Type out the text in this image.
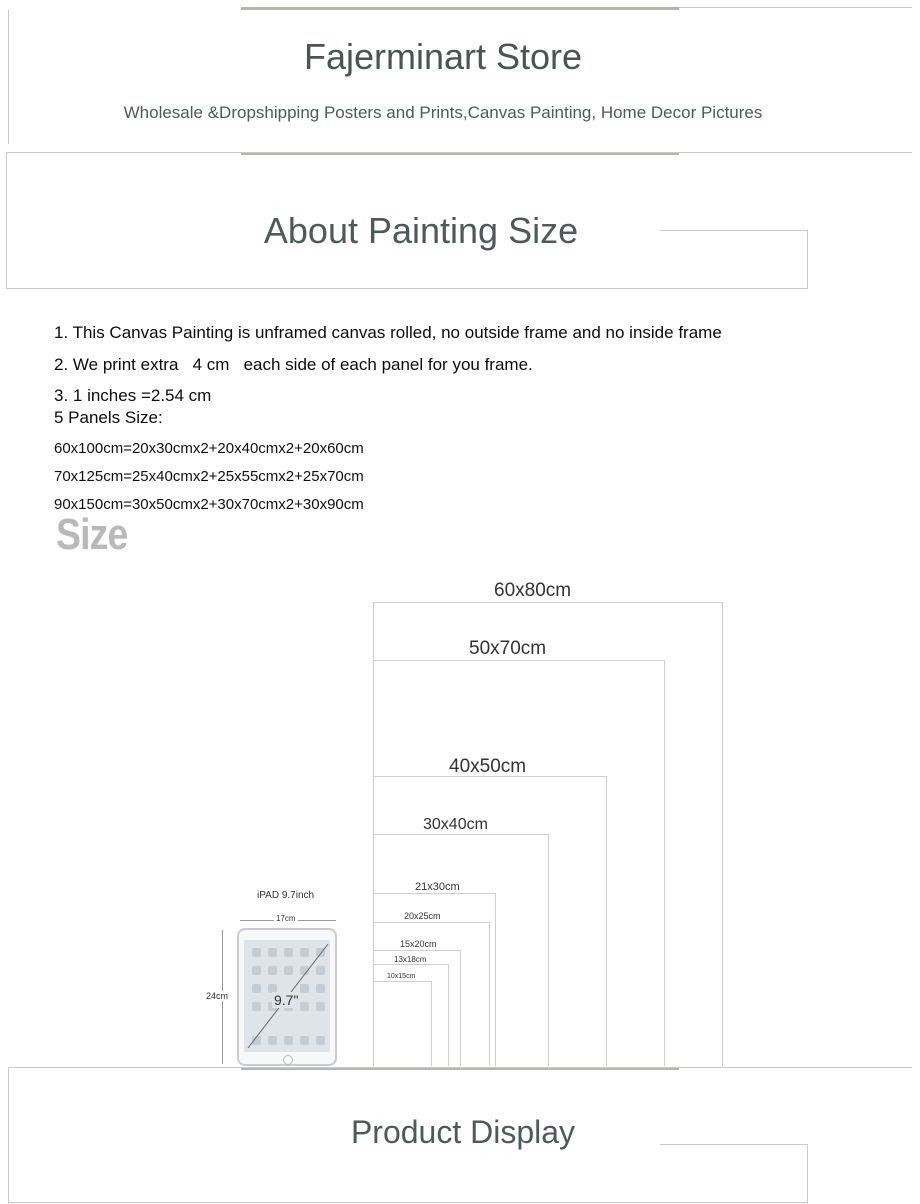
Fajerminart Store
Wholesale &Dropshipping Posters and Prints,Canvas Painting, Home Decor Pictures
About Painting Size
1. This Canvas Painting is unframed canvas rolled, no outside frame and no inside frame
2. We print extra   4 cm   each side of each panel for you frame.
3. 1 inches =2.54 cm
5 Panels Size:
60x100cm=20x30cmx2+20x40cmx2+20x60cm
70x125cm=25x40cmx2+25x55cmx2+25x70cm
90x150cm=30x50cmx2+30x70cmx2+30x90cm
Size
60x80cm
50x70cm
40x50cm
30x40cm
21x30cm
20x25cm
15x20cm
13x18cm
10x15cm
iPAD 9.7inch
17cm
24cm	9.7"
Product Display
